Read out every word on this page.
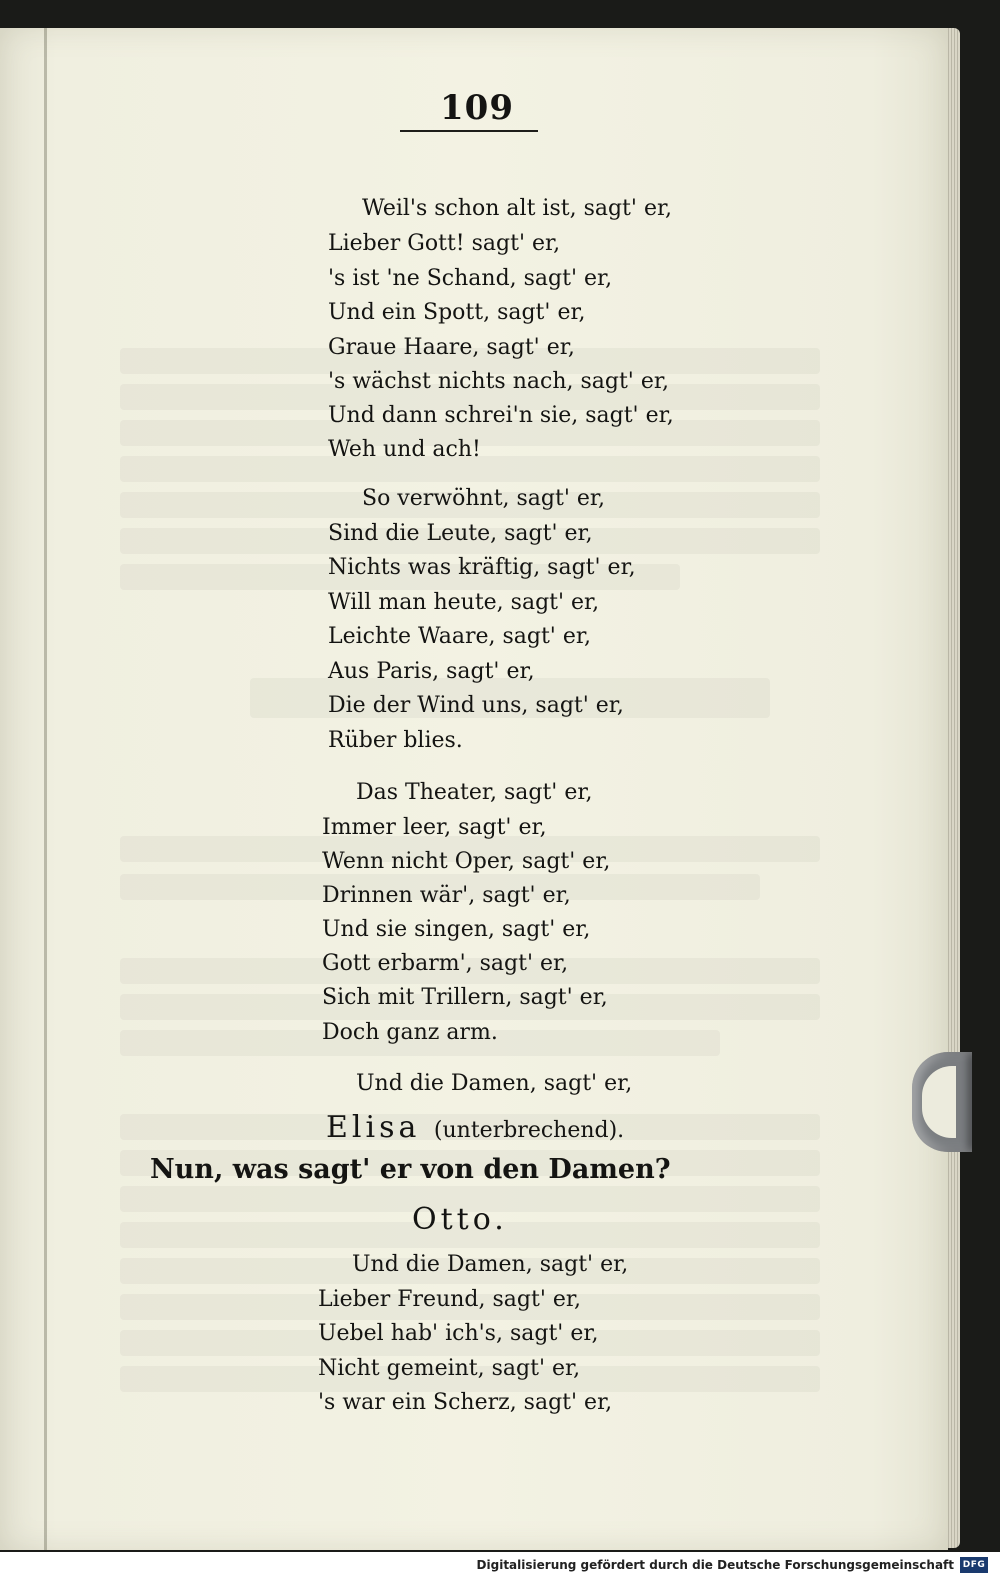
109
Weil's schon alt ist, sagt' er,
Lieber Gott! sagt' er,
's ist 'ne Schand, sagt' er,
Und ein Spott, sagt' er,
Graue Haare, sagt' er,
's wächst nichts nach, sagt' er,
Und dann schrei'n sie, sagt' er,
Weh und ach!
So verwöhnt, sagt' er,
Sind die Leute, sagt' er,
Nichts was kräftig, sagt' er,
Will man heute, sagt' er,
Leichte Waare, sagt' er,
Aus Paris, sagt' er,
Die der Wind uns, sagt' er,
Rüber blies.
Das Theater, sagt' er,
Immer leer, sagt' er,
Wenn nicht Oper, sagt' er,
Drinnen wär', sagt' er,
Und sie singen, sagt' er,
Gott erbarm', sagt' er,
Sich mit Trillern, sagt' er,
Doch ganz arm.
Und die Damen, sagt' er,
Elisa (unterbrechend).
Nun, was sagt' er von den Damen?
Otto.
Und die Damen, sagt' er,
Lieber Freund, sagt' er,
Uebel hab' ich's, sagt' er,
Nicht gemeint, sagt' er,
's war ein Scherz, sagt' er,
Digitalisierung gefördert durch die Deutsche Forschungsgemeinschaft DFG
